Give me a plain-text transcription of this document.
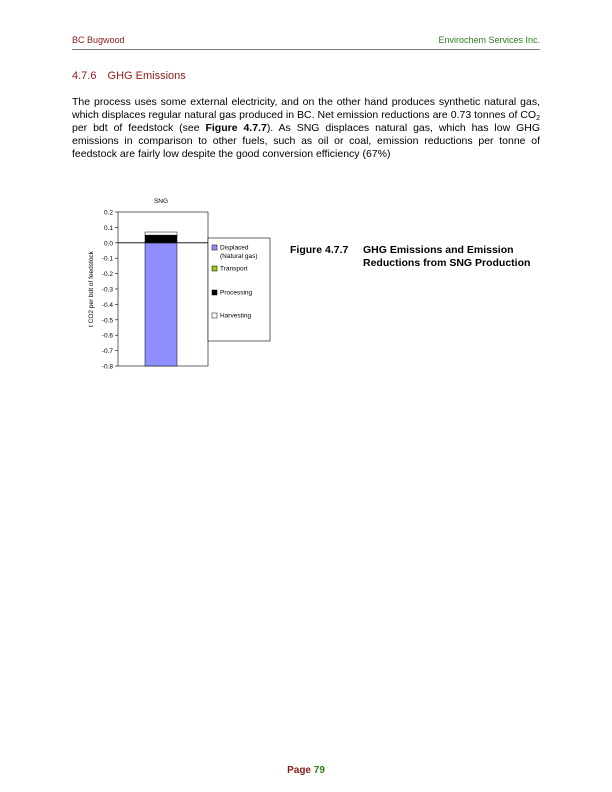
BC Bugwood	Envirochem Services Inc.
4.7.6 GHG Emissions

The process uses some external electricity, and on the other hand produces synthetic natural gas, which displaces regular natural gas produced in BC. Net emission reductions are 0.73 tonnes of $CO_2$ per bdt of feedstock (see Figure 4.7.7). As SNG displaces natural gas, which has low GHG emissions in comparison to other fuels, such as oil or coal, emission reductions per tonne of feedstock are fairly low despite the good conversion efficiency (67%)

0.2
0.1
0.0
-0.1
-0.2
-0.3
-0.4
-0.5
-0.6
-0.7
-0.8
SNG
t CO2 per bdt of feedstock
Displaced
(Natural gas)
Transport
Processing
Harvesting
Figure 4.7.7 GHG Emissions and Emission Reductions from SNG Production
Page 79
